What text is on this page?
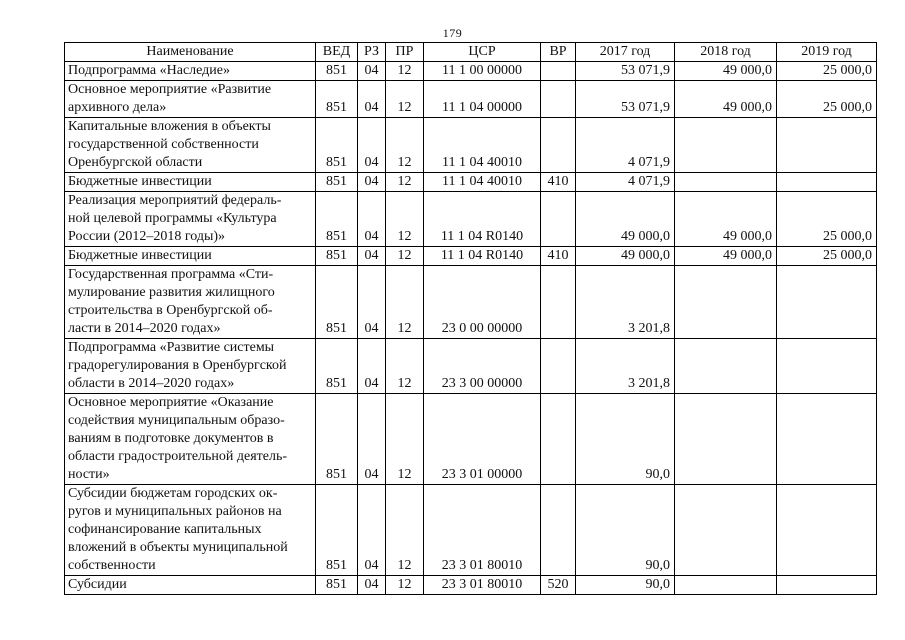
179
Наименование	ВЕД	РЗ	ПР	ЦСР	ВР	2017 год	2018 год	2019 год
Подпрограмма «Наследие»	851	04	12	11 1 00 00000		53 071,9	49 000,0	25 000,0
Основное мероприятие «Развитие
архивного дела»	851	04	12	11 1 04 00000		53 071,9	49 000,0	25 000,0
Капитальные вложения в объекты
государственной собственности
Оренбургской области	851	04	12	11 1 04 40010		4 071,9		
Бюджетные инвестиции	851	04	12	11 1 04 40010	410	4 071,9		
Реализация мероприятий федераль-
ной целевой программы «Культура
России (2012–2018 годы)»	851	04	12	11 1 04 R0140		49 000,0	49 000,0	25 000,0
Бюджетные инвестиции	851	04	12	11 1 04 R0140	410	49 000,0	49 000,0	25 000,0
Государственная программа «Сти-
мулирование развития жилищного
строительства в Оренбургской об-
ласти в 2014–2020 годах»	851	04	12	23 0 00 00000		3 201,8		
Подпрограмма «Развитие системы
градорегулирования в Оренбургской
области в 2014–2020 годах»	851	04	12	23 3 00 00000		3 201,8		
Основное мероприятие «Оказание
содействия муниципальным образо-
ваниям в подготовке документов в
области градостроительной деятель-
ности»	851	04	12	23 3 01 00000		90,0		
Субсидии бюджетам городских ок-
ругов и муниципальных районов на
софинансирование капитальных
вложений в объекты муниципальной
собственности	851	04	12	23 3 01 80010		90,0		
Субсидии	851	04	12	23 3 01 80010	520	90,0		
